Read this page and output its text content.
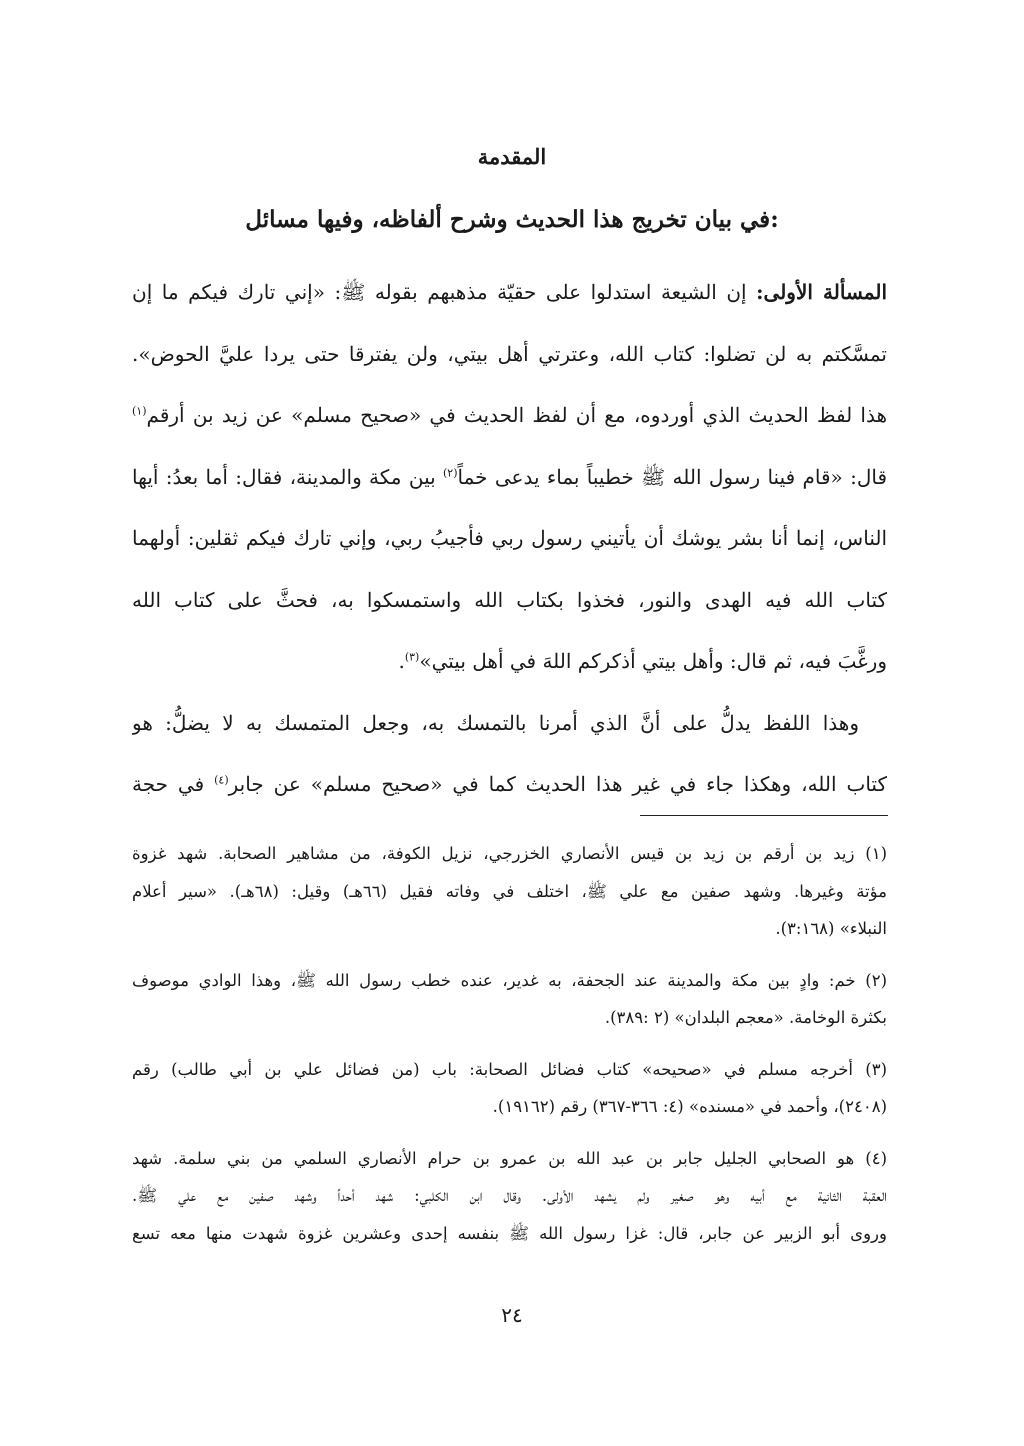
المقدمة
في بيان تخريج هذا الحديث وشرح ألفاظه، وفيها مسائل:
المسألة الأولى: إن الشيعة استدلوا على حقيّة مذهبهم بقوله ﷺ: «إني تارك فيكم ما إن
تمسَّكتم به لن تضلوا: كتاب الله، وعترتي أهل بيتي، ولن يفترقا حتى يردا عليَّ الحوض».
هذا لفظ الحديث الذي أوردوه، مع أن لفظ الحديث في «صحيح مسلم» عن زيد بن أرقم$^{(١)}$
قال: «قام فينا رسول الله ﷺ خطيباً بماء يدعى خماً$^{(٢)}$ بين مكة والمدينة، فقال: أما بعدُ: أيها
الناس، إنما أنا بشر يوشك أن يأتيني رسول ربي فأجيبُ ربي، وإني تارك فيكم ثقلين: أولهما
كتاب الله فيه الهدى والنور، فخذوا بكتاب الله واستمسكوا به، فحثَّ على كتاب الله
ورغَّبَ فيه، ثم قال: وأهل بيتي أذكركم اللهَ في أهل بيتي»$^{(٣)}$.
وهذا اللفظ يدلُّ على أنَّ الذي أمرنا بالتمسك به، وجعل المتمسك به لا يضلُّ: هو
كتاب الله، وهكذا جاء في غير هذا الحديث كما في «صحيح مسلم» عن جابر$^{(٤)}$ في حجة
(١) زيد بن أرقم بن زيد بن قيس الأنصاري الخزرجي، نزيل الكوفة، من مشاهير الصحابة. شهد غزوة
مؤتة وغيرها. وشهد صفين مع علي ﷺ، اختلف في وفاته فقيل (٦٦هـ) وقيل: (٦٨هـ). «سير أعلام
النبلاء» (٣:١٦٨).
(٢) خم: وادٍ بين مكة والمدينة عند الجحفة، به غدير، عنده خطب رسول الله ﷺ، وهذا الوادي موصوف
بكثرة الوخامة. «معجم البلدان» (٢ :٣٨٩).
(٣) أخرجه مسلم في «صحيحه» كتاب فضائل الصحابة: باب (من فضائل علي بن أبي طالب) رقم
(٢٤٠٨)، وأحمد في «مسنده» (٤: ٣٦٦-٣٦٧) رقم (١٩١٦٢).
(٤) هو الصحابي الجليل جابر بن عبد الله بن عمرو بن حرام الأنصاري السلمي من بني سلمة. شهد
العقبة الثانية مع أبيه وهو صغير ولم يشهد الأولى. وقال ابن الكلبي: شهد أحداً وشهد صفين مع علي ﷺ.
وروى أبو الزبير عن جابر، قال: غزا رسول الله ﷺ بنفسه إحدى وعشرين غزوة شهدت منها معه تسع
٢٤
